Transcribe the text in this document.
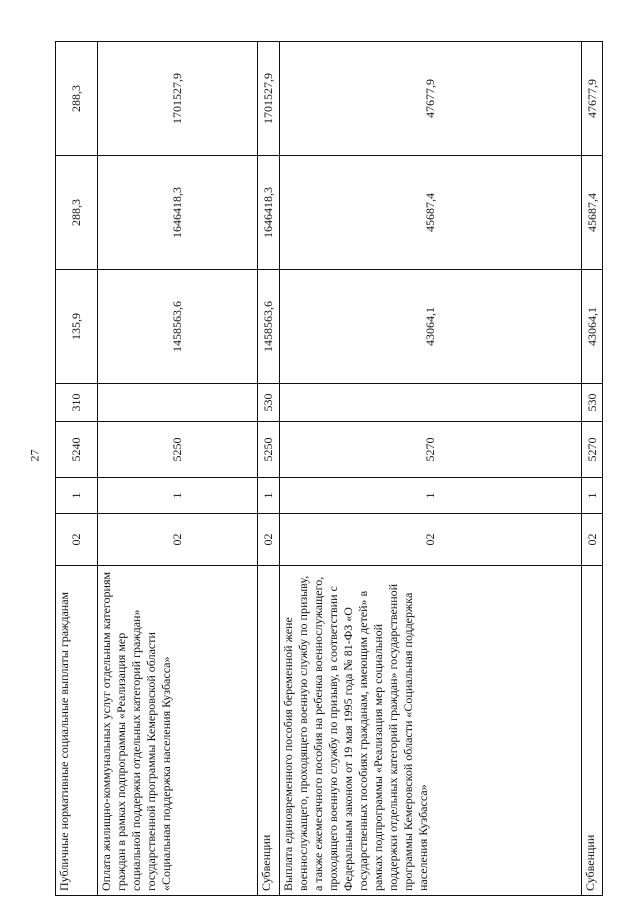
27
Публичные нормативные социальные выплаты гражданам	02	1	5240	310	135,9	288,3	288,3
Оплата жилищно-коммунальных услуг отдельным категориям граждан в рамках подпрограммы «Реализация мер социальной поддержки отдельных категорий граждан» государственной программы Кемеровской области «Социальная поддержка населения Кузбасса»	02	1	5250		1458563,6	1646418,3	1701527,9
Субвенции	02	1	5250	530	1458563,6	1646418,3	1701527,9
Выплата единовременного пособия беременной жене военнослужащего, проходящего военную службу по призыву, а также ежемесячного пособия на ребенка военнослужащего, проходящего военную службу по призыву, в соответствии с Федеральным законом от 19 мая 1995 года № 81-ФЗ «О государственных пособиях гражданам, имеющим детей» в рамках подпрограммы «Реализация мер социальной поддержки отдельных категорий граждан» государственной программы Кемеровской области «Социальная поддержка населения Кузбасса»	02	1	5270		43064,1	45687,4	47677,9
Субвенции	02	1	5270	530	43064,1	45687,4	47677,9
